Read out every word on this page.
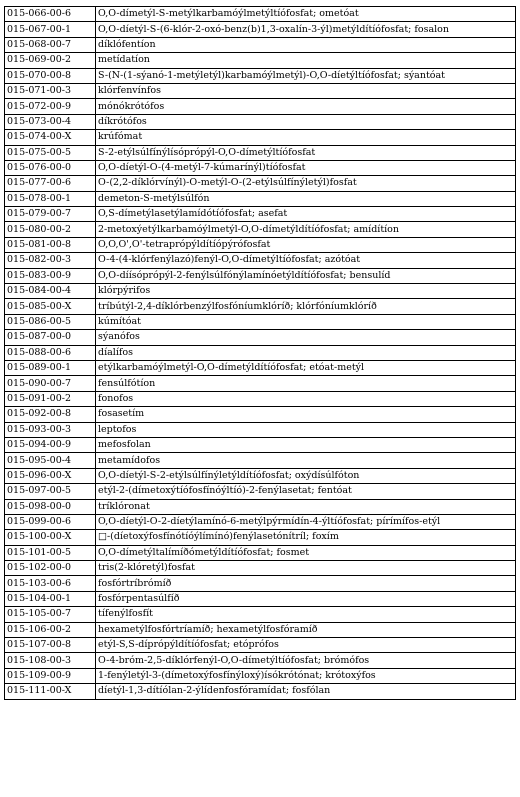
015-066-00-6	O,O-dímetýl-S-metýlkarbamóýlmetýltíófosfat; ometóat
015-067-00-1	O,O-díetýl-S-(6-klór-2-oxó-benz(b)1,3-oxalín-3-ýl)metýldítíófosfat; fosalon
015-068-00-7	díklófentíon
015-069-00-2	metídatíon
015-070-00-8	S-(N-(1-sýanó-1-metýletýl)karbamóýlmetýl)-O,O-díetýltíófosfat; sýantóat
015-071-00-3	klórfenvínfos
015-072-00-9	mónókrótófos
015-073-00-4	díkrótófos
015-074-00-X	krúfómat
015-075-00-5	S-2-etýlsúlfínýlísóprópýl-O,O-dímetýltíófosfat
015-076-00-0	O,O-díetýl-O-(4-metýl-7-kúmarínýl)tíófosfat
015-077-00-6	O-(2,2-díklórvínýl)-O-metýl-O-(2-etýlsúlfínýletýl)fosfat
015-078-00-1	demeton-S-metýlsúlfón
015-079-00-7	O,S-dímetýlasetýlamídótíófosfat; asefat
015-080-00-2	2-metoxýetýlkarbamóýlmetýl-O,O-dímetýldítíófosfat; amídítíon
015-081-00-8	O,O,O',O'-tetraprópýldítíópýrófosfat
015-082-00-3	O-4-(4-klórfenýlazó)fenýl-O,O-dímetýltíófosfat; azótóat
015-083-00-9	O,O-díísóprópýl-2-fenýlsúlfónýlamínóetýldítíófosfat; bensulíd
015-084-00-4	klórpýrifos
015-085-00-X	tríbútýl-2,4-díklórbenzýlfosfóníumklóríð; klórfóníumklóríð
015-086-00-5	kúmítóat
015-087-00-0	sýanófos
015-088-00-6	díalífos
015-089-00-1	etýlkarbamóýlmetýl-O,O-dímetýldítíófosfat; etóat-metýl
015-090-00-7	fensúlfótíon
015-091-00-2	fonofos
015-092-00-8	fosasetím
015-093-00-3	leptofos
015-094-00-9	mefosfolan
015-095-00-4	metamídofos
015-096-00-X	O,O-díetýl-S-2-etýlsúlfínýletýldítíófosfat; oxýdísúlfóton
015-097-00-5	etýl-2-(dímetoxýtíófosfínóýltíó)-2-fenýlasetat; fentóat
015-098-00-0	tríklóronat
015-099-00-6	O,O-díetýl-O-2-díetýlamínó-6-metýlpýrmídín-4-ýltíófosfat; pírímífos-etýl
015-100-00-X	□-(díetoxýfosfínótíóýlímínó)fenýlasetónítríl; foxím
015-101-00-5	O,O-dímetýltalímíðómetýldítíófosfat; fosmet
015-102-00-0	tris(2-klóretýl)fosfat
015-103-00-6	fosfórtríbrómíð
015-104-00-1	fosfórpentasúlfíð
015-105-00-7	tífenýlfosfít
015-106-00-2	hexametýlfosfórtríamíð; hexametýlfosfóramíð
015-107-00-8	etýl-S,S-díprópýldítíófosfat; etóprófos
015-108-00-3	O-4-bróm-2,5-díklórfenýl-O,O-dímetýltíófosfat; brómófos
015-109-00-9	1-fenýletýl-3-(dímetoxýfosfínýloxý)ísókrótónat; krótoxýfos
015-111-00-X	díetýl-1,3-dítíólan-2-ýlídenfosfóramídat; fosfólan
